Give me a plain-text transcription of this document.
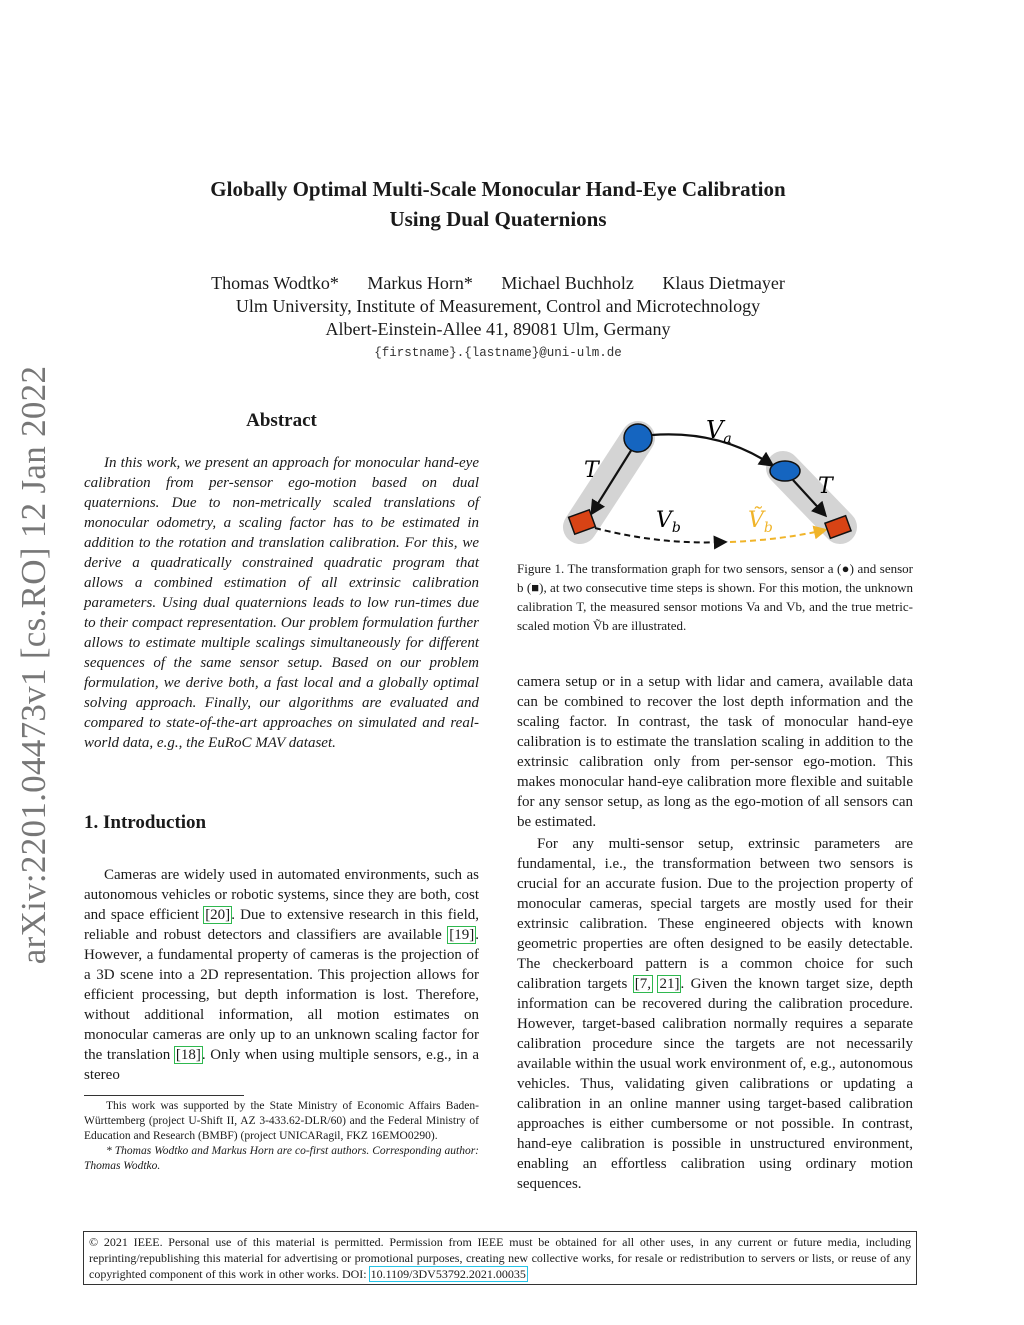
arXiv:2201.04473v1 [cs.RO] 12 Jan 2022
Globally Optimal Multi-Scale Monocular Hand-Eye Calibration
Using Dual Quaternions
Thomas Wodtko* Markus Horn* Michael Buchholz Klaus Dietmayer
Ulm University, Institute of Measurement, Control and Microtechnology
Albert-Einstein-Allee 41, 89081 Ulm, Germany
{firstname}.{lastname}@uni-ulm.de
Abstract

In this work, we present an approach for monocular hand-eye calibration from per-sensor ego-motion based on dual quaternions. Due to non-metrically scaled translations of monocular odometry, a scaling factor has to be estimated in addition to the rotation and translation calibration. For this, we derive a quadratically constrained quadratic program that allows a combined estimation of all extrinsic calibration parameters. Using dual quaternions leads to low run-times due to their compact representation. Our problem formulation further allows to estimate multiple scalings simultaneously for different sequences of the same sensor setup. Based on our problem formulation, we derive both, a fast local and a globally optimal solving approach. Finally, our algorithms are evaluated and compared to state-of-the-art approaches on simulated and real-world data, e.g., the EuRoC MAV dataset.

1. Introduction

Cameras are widely used in automated environments, such as autonomous vehicles or robotic systems, since they are both, cost and space efficient [20]. Due to extensive research in this field, reliable and robust detectors and classifiers are available [19]. However, a fundamental property of cameras is the projection of a 3D scene into a 2D representation. This projection allows for efficient processing, but depth information is lost. Therefore, without additional information, all motion estimates on monocular cameras are only up to an unknown scaling factor for the translation [18]. Only when using multiple sensors, e.g., in a stereo

This work was supported by the State Ministry of Economic Affairs Baden-Württemberg (project U-Shift II, AZ 3-433.62-DLR/60) and the Federal Ministry of Education and Research (BMBF) (project UNICARagil, FKZ 16EMO0290).

* Thomas Wodtko and Markus Horn are co-first authors. Corresponding author: Thomas Wodtko.

$V_a$
T
T
$V_b$	Ṽ$_b$

Figure 1. The transformation graph for two sensors, sensor a (●) and sensor b (■), at two consecutive time steps is shown. For this motion, the unknown calibration T, the measured sensor motions Va and Vb, and the true metric-scaled motion Ṽb are illustrated.

camera setup or in a setup with lidar and camera, available data can be combined to recover the lost depth information and the scaling factor. In contrast, the task of monocular hand-eye calibration is to estimate the translation scaling in addition to the extrinsic calibration only from per-sensor ego-motion. This makes monocular hand-eye calibration more flexible and suitable for any sensor setup, as long as the ego-motion of all sensors can be estimated.

For any multi-sensor setup, extrinsic parameters are fundamental, i.e., the transformation between two sensors is crucial for an accurate fusion. Due to the projection property of monocular cameras, special targets are mostly used for their extrinsic calibration. These engineered objects with known geometric properties are often designed to be easily detectable. The checkerboard pattern is a common choice for such calibration targets [7, 21]. Given the known target size, depth information can be recovered during the calibration procedure. However, target-based calibration normally requires a separate calibration procedure since the targets are not necessarily available within the usual work environment of, e.g., autonomous vehicles. Thus, validating given calibrations or updating a calibration in an online manner using target-based calibration approaches is either cumbersome or not possible. In contrast, hand-eye calibration is possible in unstructured environment, enabling an effortless calibration using ordinary motion sequences.

© 2021 IEEE. Personal use of this material is permitted. Permission from IEEE must be obtained for all other uses, in any current or future media, including reprinting/republishing this material for advertising or promotional purposes, creating new collective works, for resale or redistribution to servers or lists, or reuse of any copyrighted component of this work in other works. DOI: 10.1109/3DV53792.2021.00035
